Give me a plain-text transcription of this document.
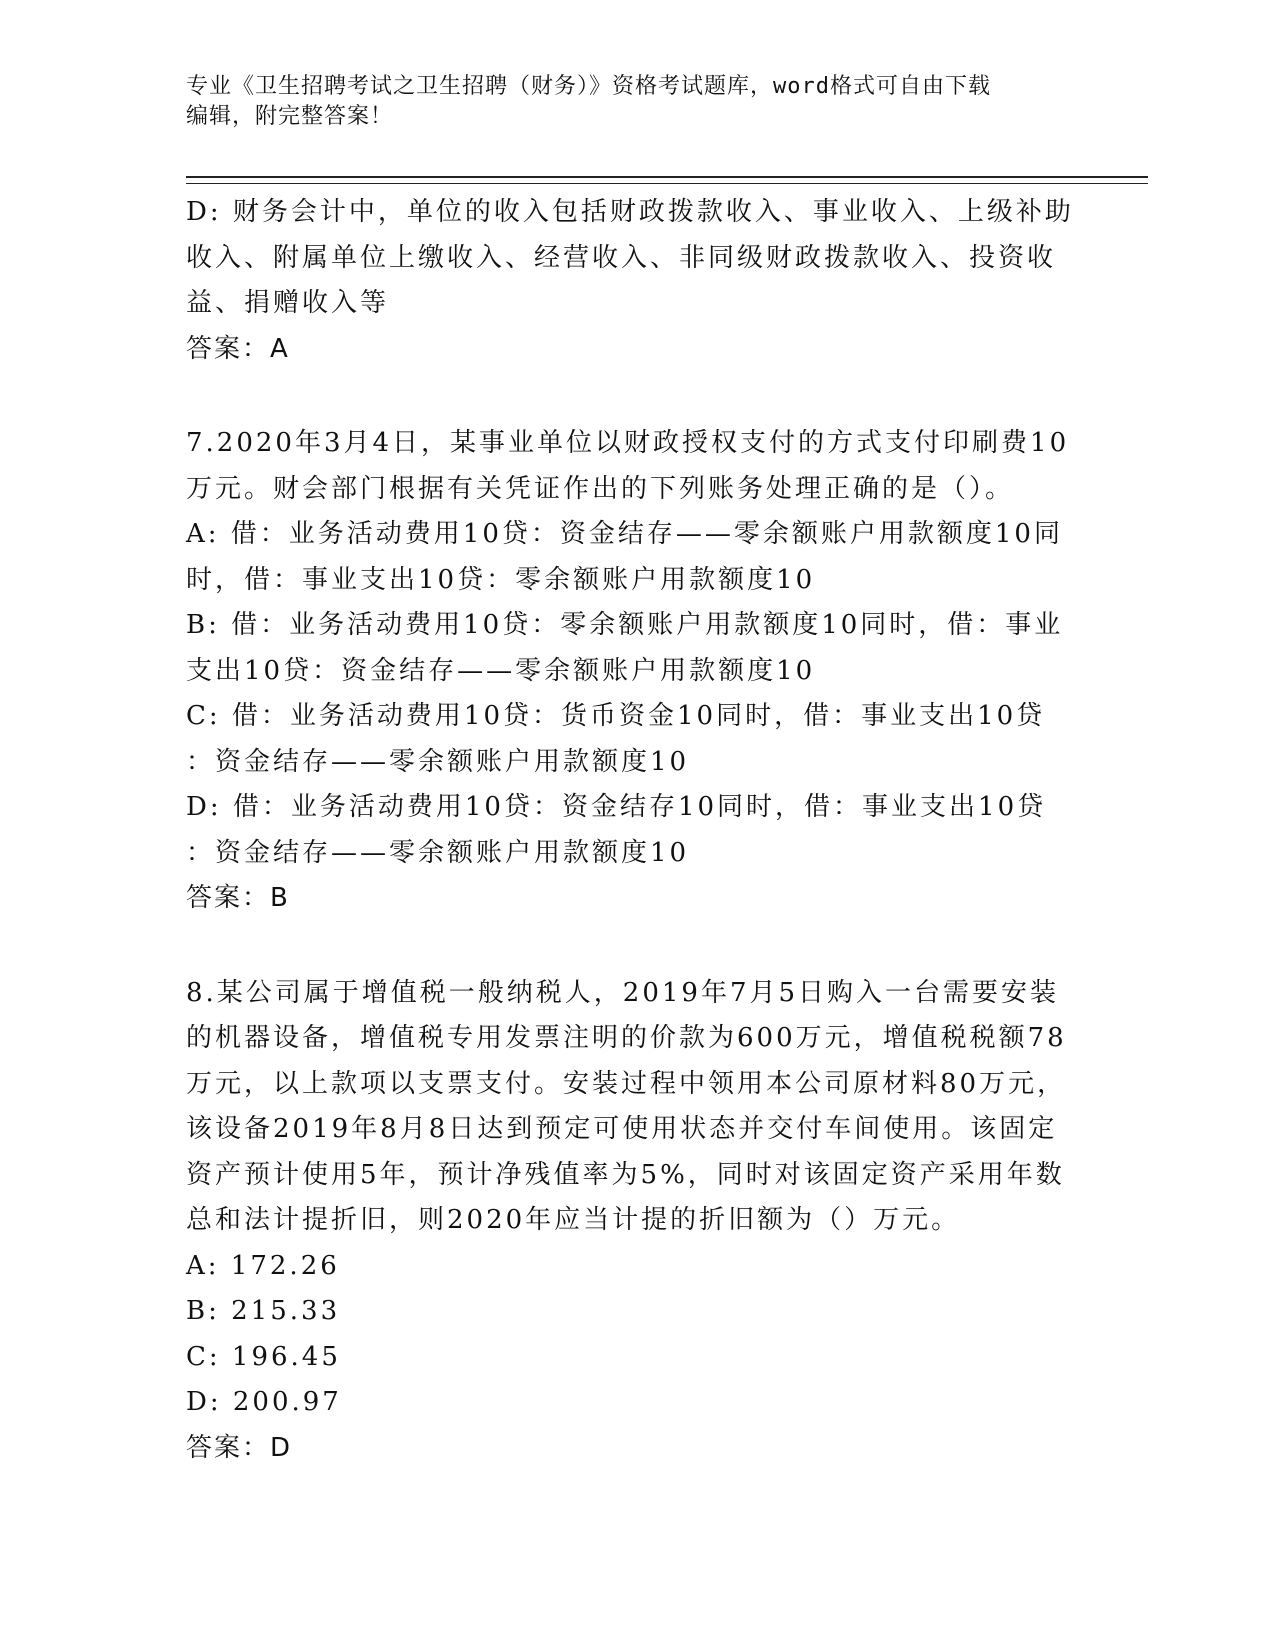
专业《卫生招聘考试之卫生招聘（财务）》资格考试题库，word格式可自由下载
编辑，附完整答案！
D: 财务会计中，单位的收入包括财政拨款收入、事业收入、上级补助
收入、附属单位上缴收入、经营收入、非同级财政拨款收入、投资收
益、捐赠收入等
答案：A
7.2020年3月4日，某事业单位以财政授权支付的方式支付印刷费10
万元。财会部门根据有关凭证作出的下列账务处理正确的是（）。
A: 借：业务活动费用10贷：资金结存——零余额账户用款额度10同
时，借：事业支出10贷：零余额账户用款额度10
B: 借：业务活动费用10贷：零余额账户用款额度10同时，借：事业
支出10贷：资金结存——零余额账户用款额度10
C: 借：业务活动费用10贷：货币资金10同时，借：事业支出10贷
：资金结存——零余额账户用款额度10
D: 借：业务活动费用10贷：资金结存10同时，借：事业支出10贷
：资金结存——零余额账户用款额度10
答案：B
8.某公司属于增值税一般纳税人，2019年7月5日购入一台需要安装
的机器设备，增值税专用发票注明的价款为600万元，增值税税额78
万元，以上款项以支票支付。安装过程中领用本公司原材料80万元，
该设备2019年8月8日达到预定可使用状态并交付车间使用。该固定
资产预计使用5年，预计净残值率为5%，同时对该固定资产采用年数
总和法计提折旧，则2020年应当计提的折旧额为（）万元。
A: 172.26
B: 215.33
C: 196.45
D: 200.97
答案：D
